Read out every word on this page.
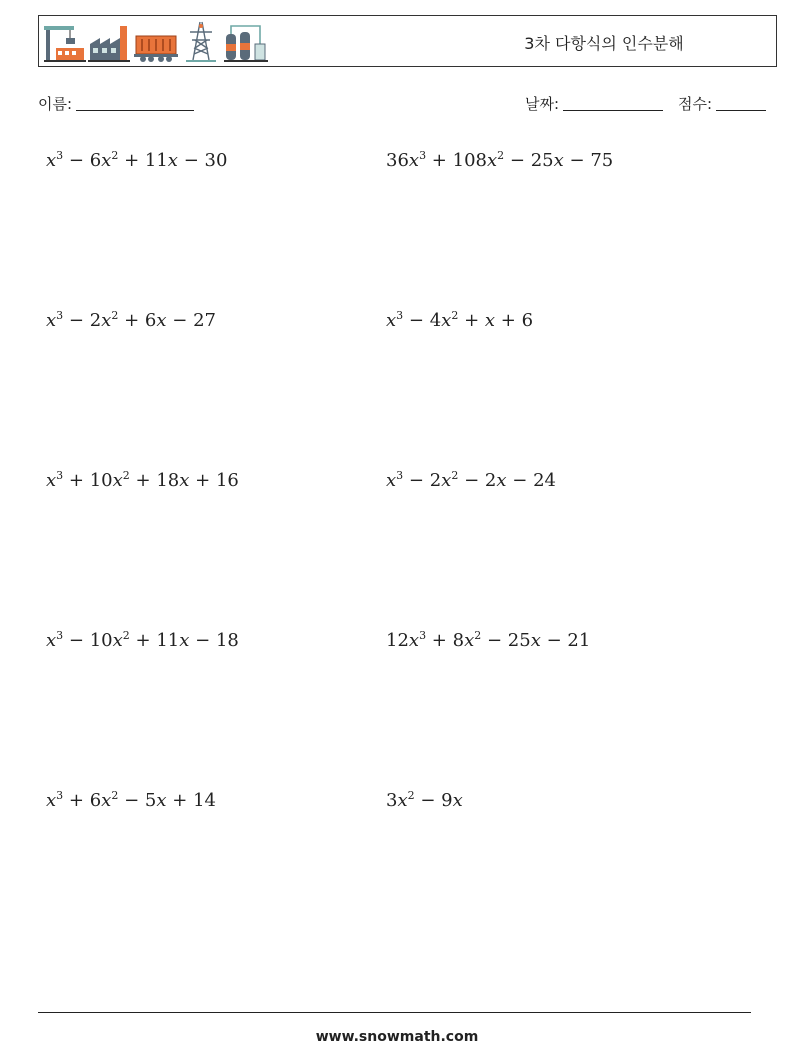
3차 다항식의 인수분해
이름:	날짜:	점수:
$x^3 - 6x^2 + 11x - 30$	$36x^3 + 108x^2 - 25x - 75$
$x^3 - 2x^2 + 6x - 27$	$x^3 - 4x^2 + x + 6$
$x^3 + 10x^2 + 18x + 16$	$x^3 - 2x^2 - 2x - 24$
$x^3 - 10x^2 + 11x - 18$	$12x^3 + 8x^2 - 25x - 21$
$x^3 + 6x^2 - 5x + 14$	$3x^2 - 9x$
www.snowmath.com
